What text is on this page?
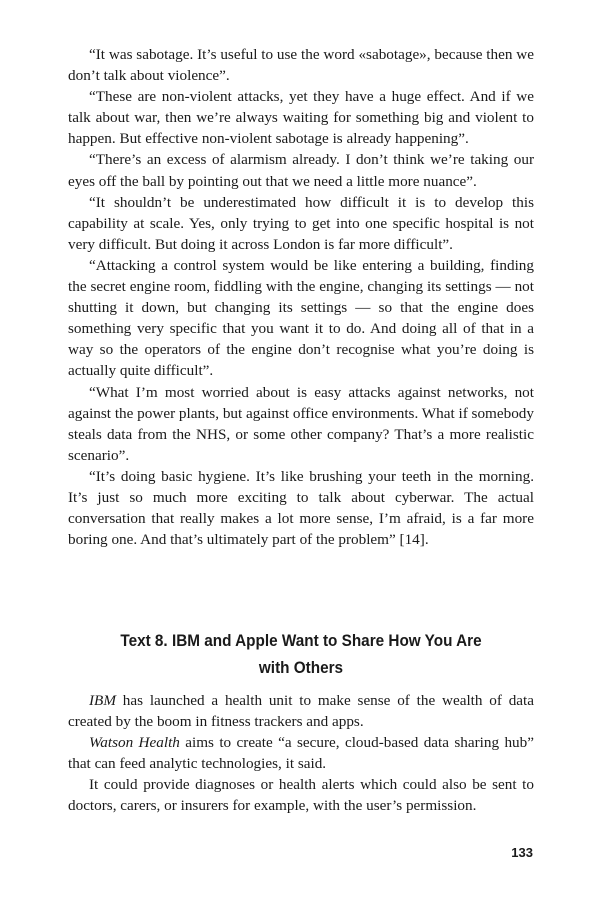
“It was sabotage. It’s useful to use the word «sabotage», because then we don’t talk about violence”.

“These are non-violent attacks, yet they have a huge effect. And if we talk about war, then we’re always waiting for something big and violent to happen. But effective non-violent sabotage is already happening”.

“There’s an excess of alarmism already. I don’t think we’re taking our eyes off the ball by pointing out that we need a little more nuance”.

“It shouldn’t be underestimated how difficult it is to develop this capability at scale. Yes, only trying to get into one specific hospital is not very difficult. But doing it across London is far more difficult”.

“Attacking a control system would be like entering a building, finding the secret engine room, fiddling with the engine, changing its settings — not shutting it down, but changing its settings — so that the engine does something very specific that you want it to do. And doing all of that in a way so the operators of the engine don’t recognise what you’re doing is actually quite difficult”.

“What I’m most worried about is easy attacks against networks, not against the power plants, but against office environments. What if somebody steals data from the NHS, or some other company? That’s a more realistic scenario”.

“It’s doing basic hygiene. It’s like brushing your teeth in the morning. It’s just so much more exciting to talk about cyberwar. The actual conversation that really makes a lot more sense, I’m afraid, is a far more boring one. And that’s ultimately part of the problem” [14].

Text 8. IBM and Apple Want to Share How You Are
with Others

IBM has launched a health unit to make sense of the wealth of data created by the boom in fitness trackers and apps.

Watson Health aims to create “a secure, cloud-based data sharing hub” that can feed analytic technologies, it said.

It could provide diagnoses or health alerts which could also be sent to doctors, carers, or insurers for example, with the user’s permission.

133
